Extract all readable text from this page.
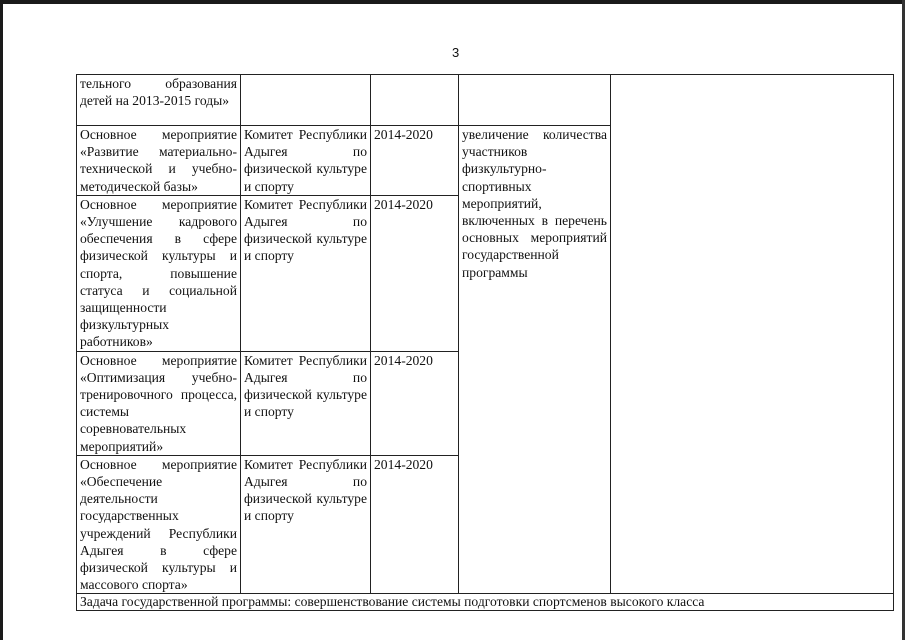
3
тельного образования детей на 2013-2015 годы»				
Основное мероприятие «Развитие материально-технической и учебно-методической базы»	Комитет Республики Адыгея по физической культуре и спорту	2014-2020	увеличение количества участников физкультурно-спортивных мероприятий, включенных в перечень основных мероприятий государственной программы	
Основное мероприятие «Улучшение кадрового обеспечения в сфере физической культуры и спорта, повышение статуса и социальной защищенности физкультурных работников»	Комитет Республики Адыгея по физической культуре и спорту	2014-2020		
Основное мероприятие «Оптимизация учебно-тренировочного процесса, системы соревновательных мероприятий»	Комитет Республики Адыгея по физической культуре и спорту	2014-2020		
Основное мероприятие «Обеспечение деятельности государственных учреждений Республики Адыгея в сфере физической культуры и массового спорта»	Комитет Республики Адыгея по физической культуре и спорту	2014-2020		
Задача государственной программы: совершенствование системы подготовки спортсменов высокого класса				
